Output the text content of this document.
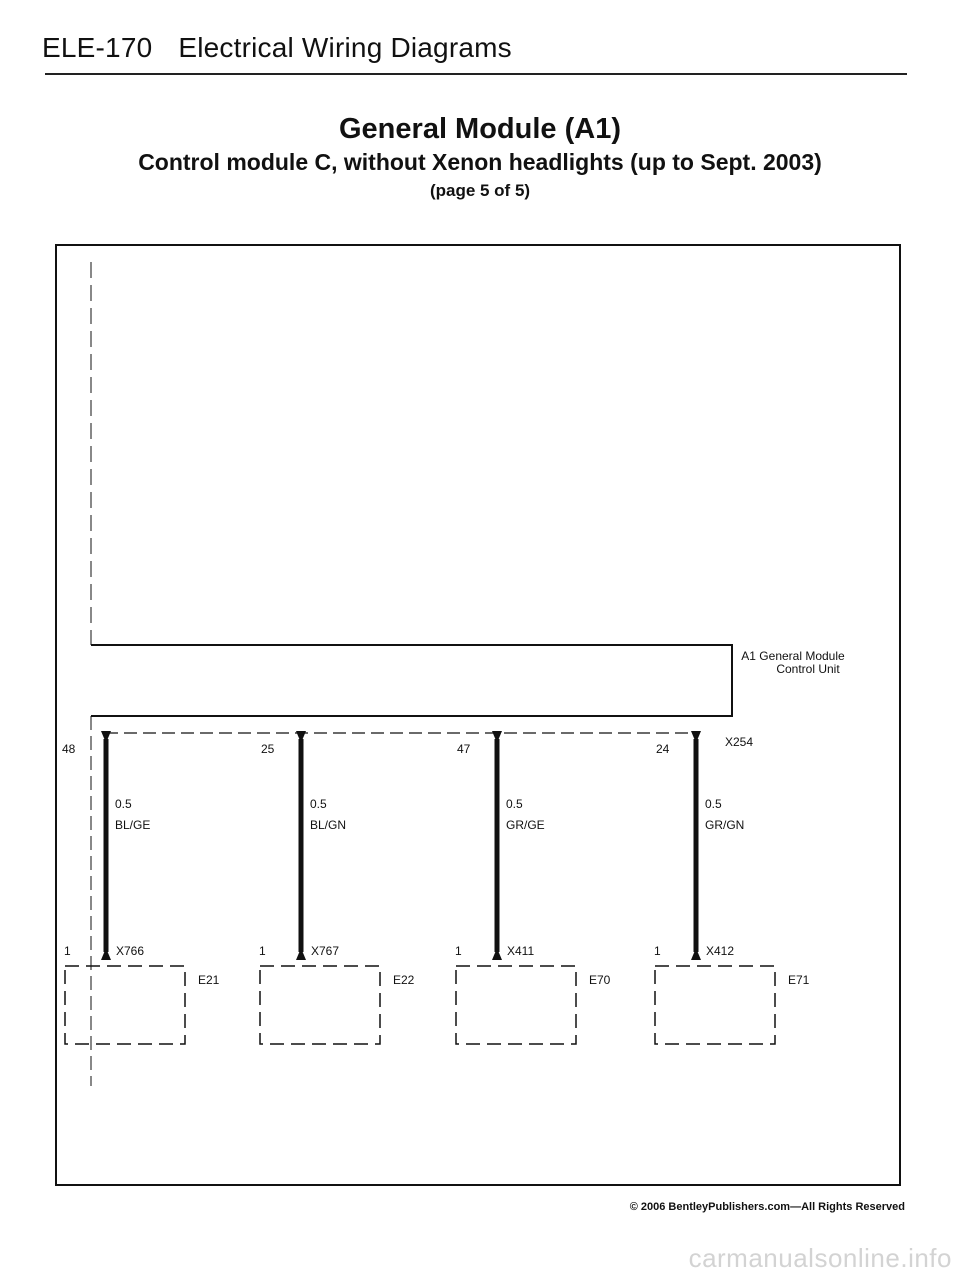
ELE-170 Electrical Wiring Diagrams
General Module (A1)
Control module C, without Xenon headlights (up to Sept. 2003)
(page 5 of 5)
A1 General Module
Control Unit
X254
48
0.5
BL/GE
X766
1
E21
25
0.5
BL/GN
X767
1
E22
47
0.5
GR/GE
X411
1
E70
24
0.5
GR/GN
X412
1
E71
© 2006 BentleyPublishers.com—All Rights Reserved
carmanualsonline.info
